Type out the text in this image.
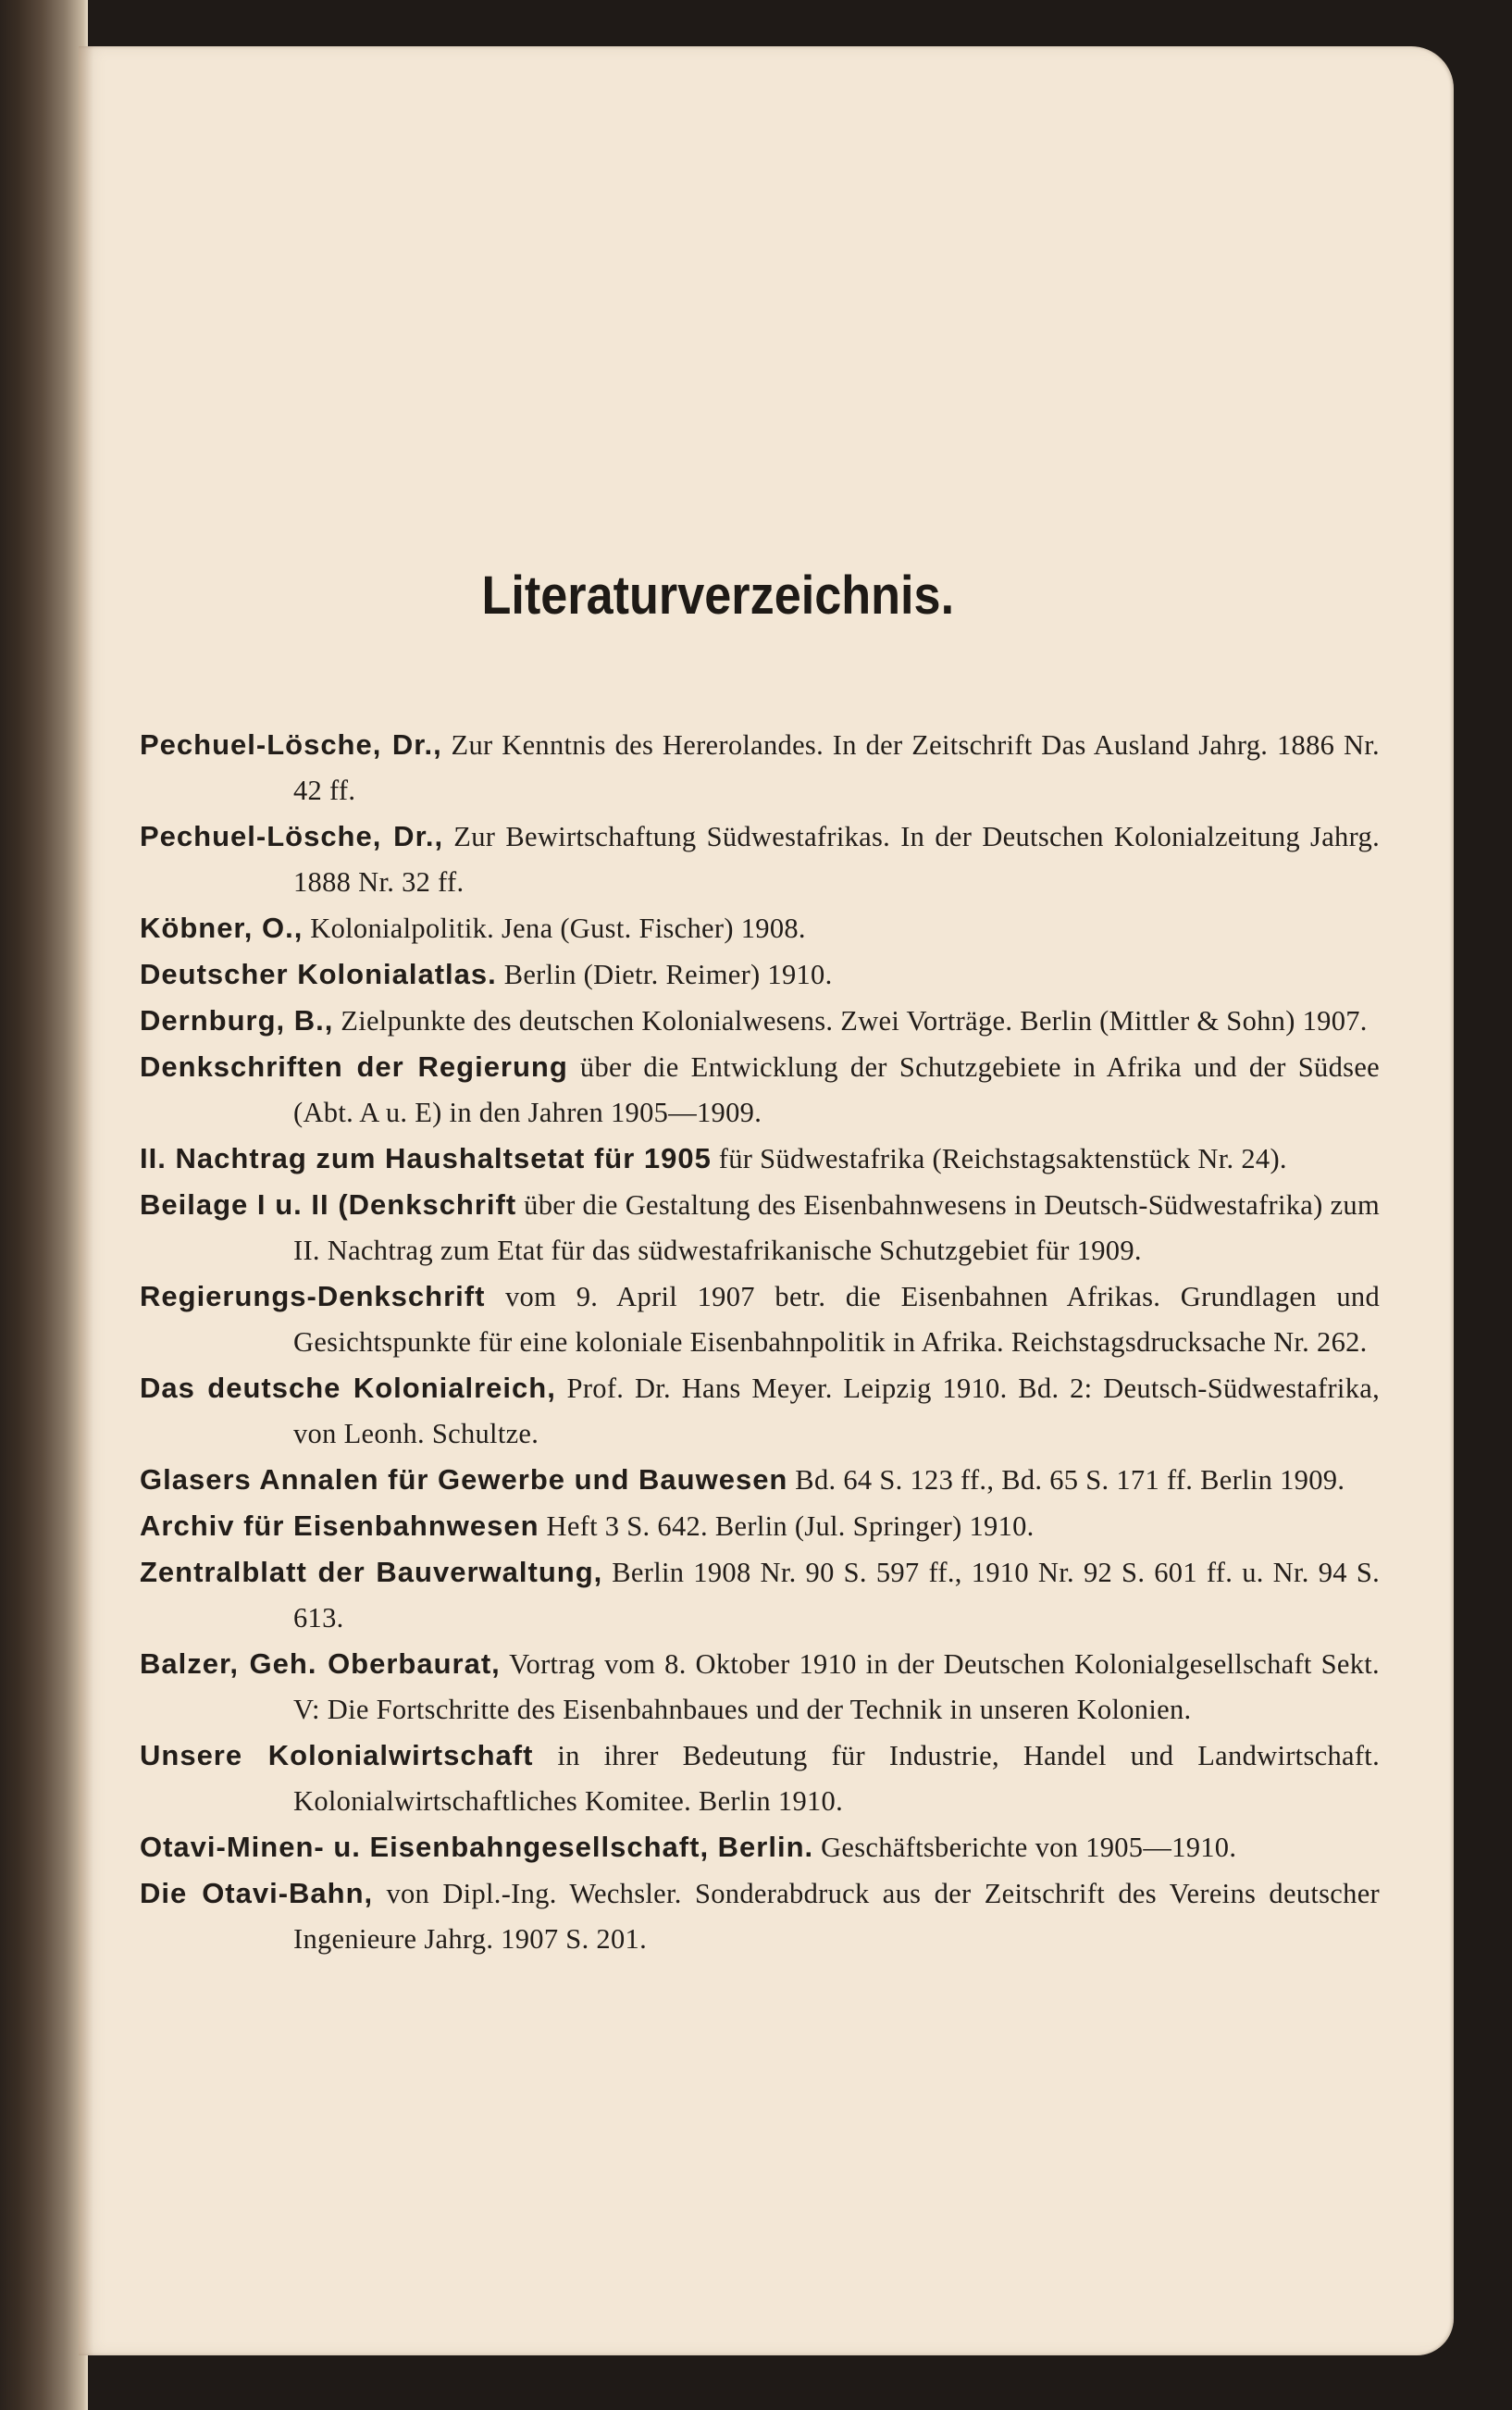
Literaturverzeichnis.

Pechuel-Lösche, Dr., Zur Kenntnis des Hererolandes. In der Zeitschrift Das Ausland Jahrg. 1886 Nr. 42 ff.

Pechuel-Lösche, Dr., Zur Bewirtschaftung Südwestafrikas. In der Deutschen Kolonialzeitung Jahrg. 1888 Nr. 32 ff.

Köbner, O., Kolonialpolitik. Jena (Gust. Fischer) 1908.

Deutscher Kolonialatlas. Berlin (Dietr. Reimer) 1910.

Dernburg, B., Zielpunkte des deutschen Kolonialwesens. Zwei Vorträge. Berlin (Mittler & Sohn) 1907.

Denkschriften der Regierung über die Entwicklung der Schutzgebiete in Afrika und der Südsee (Abt. A u. E) in den Jahren 1905—1909.

II. Nachtrag zum Haushaltsetat für 1905 für Südwestafrika (Reichstagsaktenstück Nr. 24).

Beilage I u. II (Denkschrift über die Gestaltung des Eisenbahnwesens in Deutsch-Südwestafrika) zum II. Nachtrag zum Etat für das südwestafrikanische Schutzgebiet für 1909.

Regierungs-Denkschrift vom 9. April 1907 betr. die Eisenbahnen Afrikas. Grundlagen und Gesichtspunkte für eine koloniale Eisenbahnpolitik in Afrika. Reichstagsdrucksache Nr. 262.

Das deutsche Kolonialreich, Prof. Dr. Hans Meyer. Leipzig 1910. Bd. 2: Deutsch-Südwestafrika, von Leonh. Schultze.

Glasers Annalen für Gewerbe und Bauwesen Bd. 64 S. 123 ff., Bd. 65 S. 171 ff. Berlin 1909.

Archiv für Eisenbahnwesen Heft 3 S. 642. Berlin (Jul. Springer) 1910.

Zentralblatt der Bauverwaltung, Berlin 1908 Nr. 90 S. 597 ff., 1910 Nr. 92 S. 601 ff. u. Nr. 94 S. 613.

Balzer, Geh. Oberbaurat, Vortrag vom 8. Oktober 1910 in der Deutschen Kolonialgesellschaft Sekt. V: Die Fortschritte des Eisenbahnbaues und der Technik in unseren Kolonien.

Unsere Kolonialwirtschaft in ihrer Bedeutung für Industrie, Handel und Landwirtschaft. Kolonialwirtschaftliches Komitee. Berlin 1910.

Otavi-Minen- u. Eisenbahngesellschaft, Berlin. Geschäftsberichte von 1905—1910.

Die Otavi-Bahn, von Dipl.-Ing. Wechsler. Sonderabdruck aus der Zeitschrift des Vereins deutscher Ingenieure Jahrg. 1907 S. 201.
